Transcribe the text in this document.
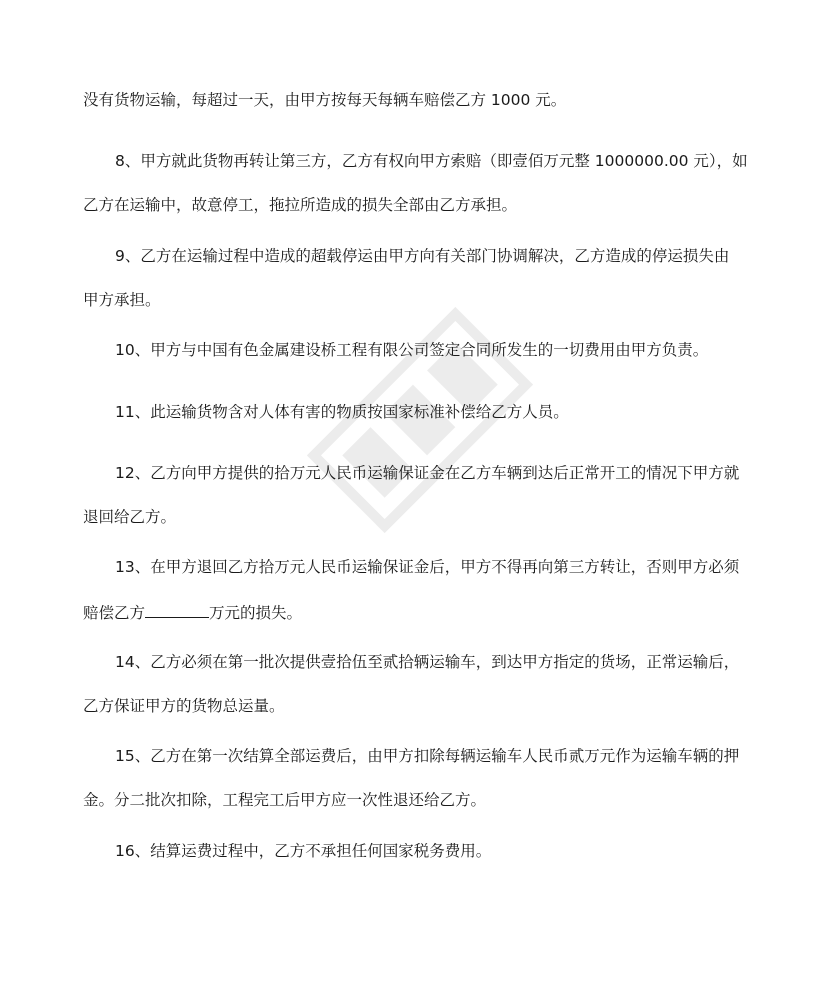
没有货物运输，每超过一天，由甲方按每天每辆车赔偿乙方 1000 元。

8、甲方就此货物再转让第三方，乙方有权向甲方索赔（即壹佰万元整 1000000.00 元），如
乙方在运输中，故意停工，拖拉所造成的损失全部由乙方承担。

9、乙方在运输过程中造成的超载停运由甲方向有关部门协调解决，乙方造成的停运损失由
甲方承担。

10、甲方与中国有色金属建设桥工程有限公司签定合同所发生的一切费用由甲方负责。

11、此运输货物含对人体有害的物质按国家标准补偿给乙方人员。

12、乙方向甲方提供的拾万元人民币运输保证金在乙方车辆到达后正常开工的情况下甲方就
退回给乙方。

13、在甲方退回乙方拾万元人民币运输保证金后，甲方不得再向第三方转让，否则甲方必须
赔偿乙方	万元的损失。

14、乙方必须在第一批次提供壹拾伍至贰拾辆运输车，到达甲方指定的货场，正常运输后，
乙方保证甲方的货物总运量。

15、乙方在第一次结算全部运费后，由甲方扣除每辆运输车人民币贰万元作为运输车辆的押
金。分二批次扣除，工程完工后甲方应一次性退还给乙方。

16、结算运费过程中，乙方不承担任何国家税务费用。
